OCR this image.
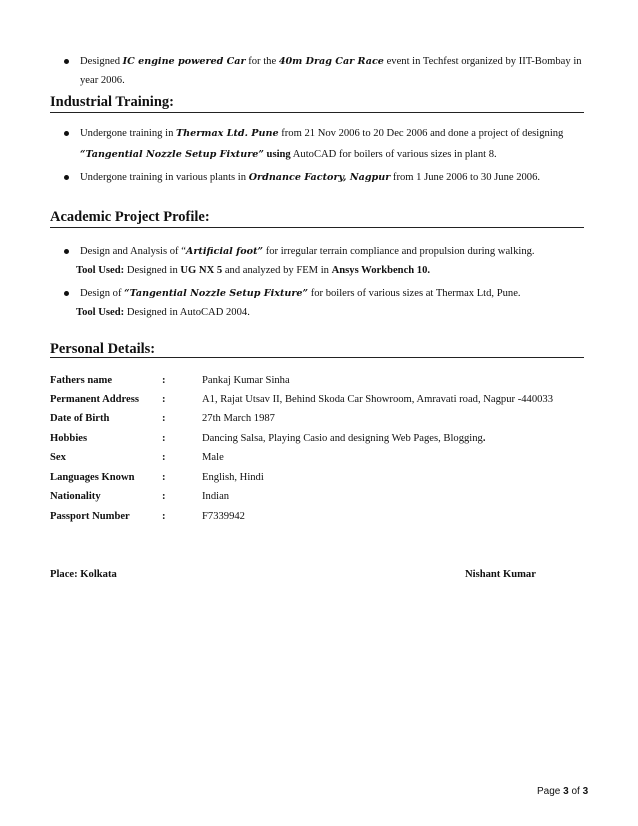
Designed IC engine powered Car for the 40m Drag Car Race event in Techfest organized by IIT-Bombay in
year 2006.
Industrial Training:
Undergone training in Thermax Ltd. Pune from 21 Nov 2006 to 20 Dec 2006 and done a project of designing
“Tangential Nozzle Setup Fixture” using AutoCAD for boilers of various sizes in plant 8.
Undergone training in various plants in Ordnance Factory, Nagpur from 1 June 2006 to 30 June 2006.
Academic Project Profile:
Design and Analysis of “Artificial foot” for irregular terrain compliance and propulsion during walking.
Tool Used: Designed in UG NX 5 and analyzed by FEM in Ansys Workbench 10.
Design of “Tangential Nozzle Setup Fixture” for boilers of various sizes at Thermax Ltd, Pune.
Tool Used: Designed in AutoCAD 2004.
Personal Details:
Fathers name	:	Pankaj Kumar Sinha
Permanent Address :	A1, Rajat Utsav II, Behind Skoda Car Showroom, Amravati road, Nagpur -440033
Date of Birth	:	27th March 1987
Hobbies	:	Dancing Salsa, Playing Casio and designing Web Pages, Blogging.
Sex	:	Male
Languages Known	:	English, Hindi
Nationality	:	Indian
Passport Number	:	F7339942
Place: Kolkata	Nishant Kumar
Page 3 of 3
